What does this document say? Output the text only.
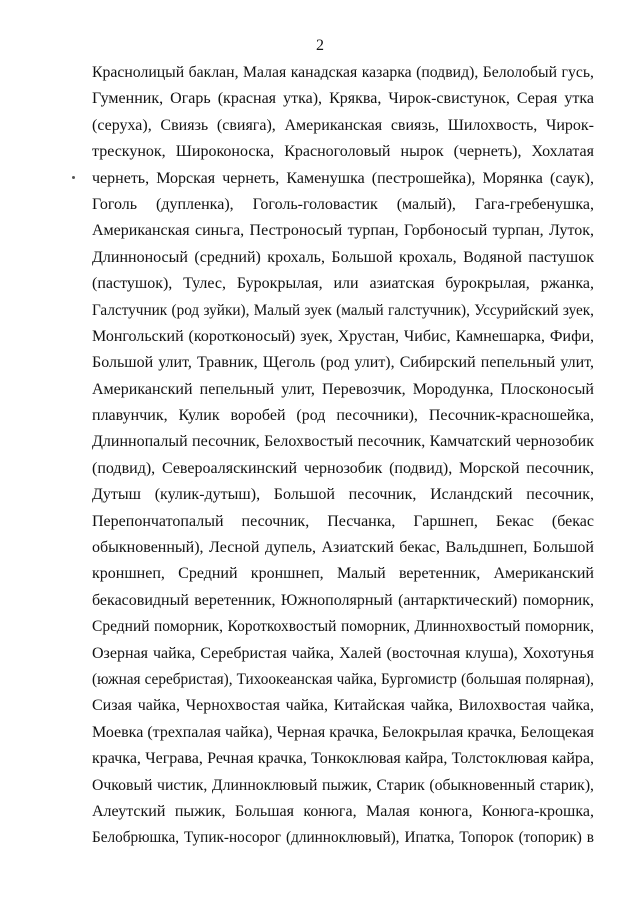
2
Краснолицый баклан, Малая канадская казарка (подвид), Белолобый гусь,
Гуменник, Огарь (красная утка), Кряква, Чирок-свистунок, Серая утка
(серуха), Свиязь (свияга), Американская свиязь, Шилохвость, Чирок-
трескунок, Широконоска, Красноголовый нырок (чернеть), Хохлатая
чернеть, Морская чернеть, Каменушка (пестрошейка), Морянка (саук),
Гоголь (дупленка), Гоголь-головастик (малый), Гага-гребенушка,
Американская синьга, Пестроносый турпан, Горбоносый турпан, Луток,
Длинноносый (средний) крохаль, Большой крохаль, Водяной пастушок
(пастушок), Тулес, Бурокрылая, или азиатская бурокрылая, ржанка,
Галстучник (род зуйки), Малый зуек (малый галстучник), Уссурийский зуек,
Монгольский (коротконосый) зуек, Хрустан, Чибис, Камнешарка, Фифи,
Большой улит, Травник, Щеголь (род улит), Сибирский пепельный улит,
Американский пепельный улит, Перевозчик, Мородунка, Плосконосый
плавунчик, Кулик воробей (род песочники), Песочник-красношейка,
Длиннопалый песочник, Белохвостый песочник, Камчатский чернозобик
(подвид), Североаляскинский чернозобик (подвид), Морской песочник,
Дутыш (кулик-дутыш), Большой песочник, Исландский песочник,
Перепончатопалый песочник, Песчанка, Гаршнеп, Бекас (бекас
обыкновенный), Лесной дупель, Азиатский бекас, Вальдшнеп, Большой
кроншнеп, Средний кроншнеп, Малый веретенник, Американский
бекасовидный веретенник, Южнополярный (антарктический) поморник,
Средний поморник, Короткохвостый поморник, Длиннохвостый поморник,
Озерная чайка, Серебристая чайка, Халей (восточная клуша), Хохотунья
(южная серебристая), Тихоокеанская чайка, Бургомистр (большая полярная),
Сизая чайка, Чернохвостая чайка, Китайская чайка, Вилохвостая чайка,
Моевка (трехпалая чайка), Черная крачка, Белокрылая крачка, Белощекая
крачка, Чеграва, Речная крачка, Тонкоклювая кайра, Толстоклювая кайра,
Очковый чистик, Длинноклювый пыжик, Старик (обыкновенный старик),
Алеутский пыжик, Большая конюга, Малая конюга, Конюга-крошка,
Белобрюшка, Тупик-носорог (длинноклювый), Ипатка, Топорок (топорик) в
